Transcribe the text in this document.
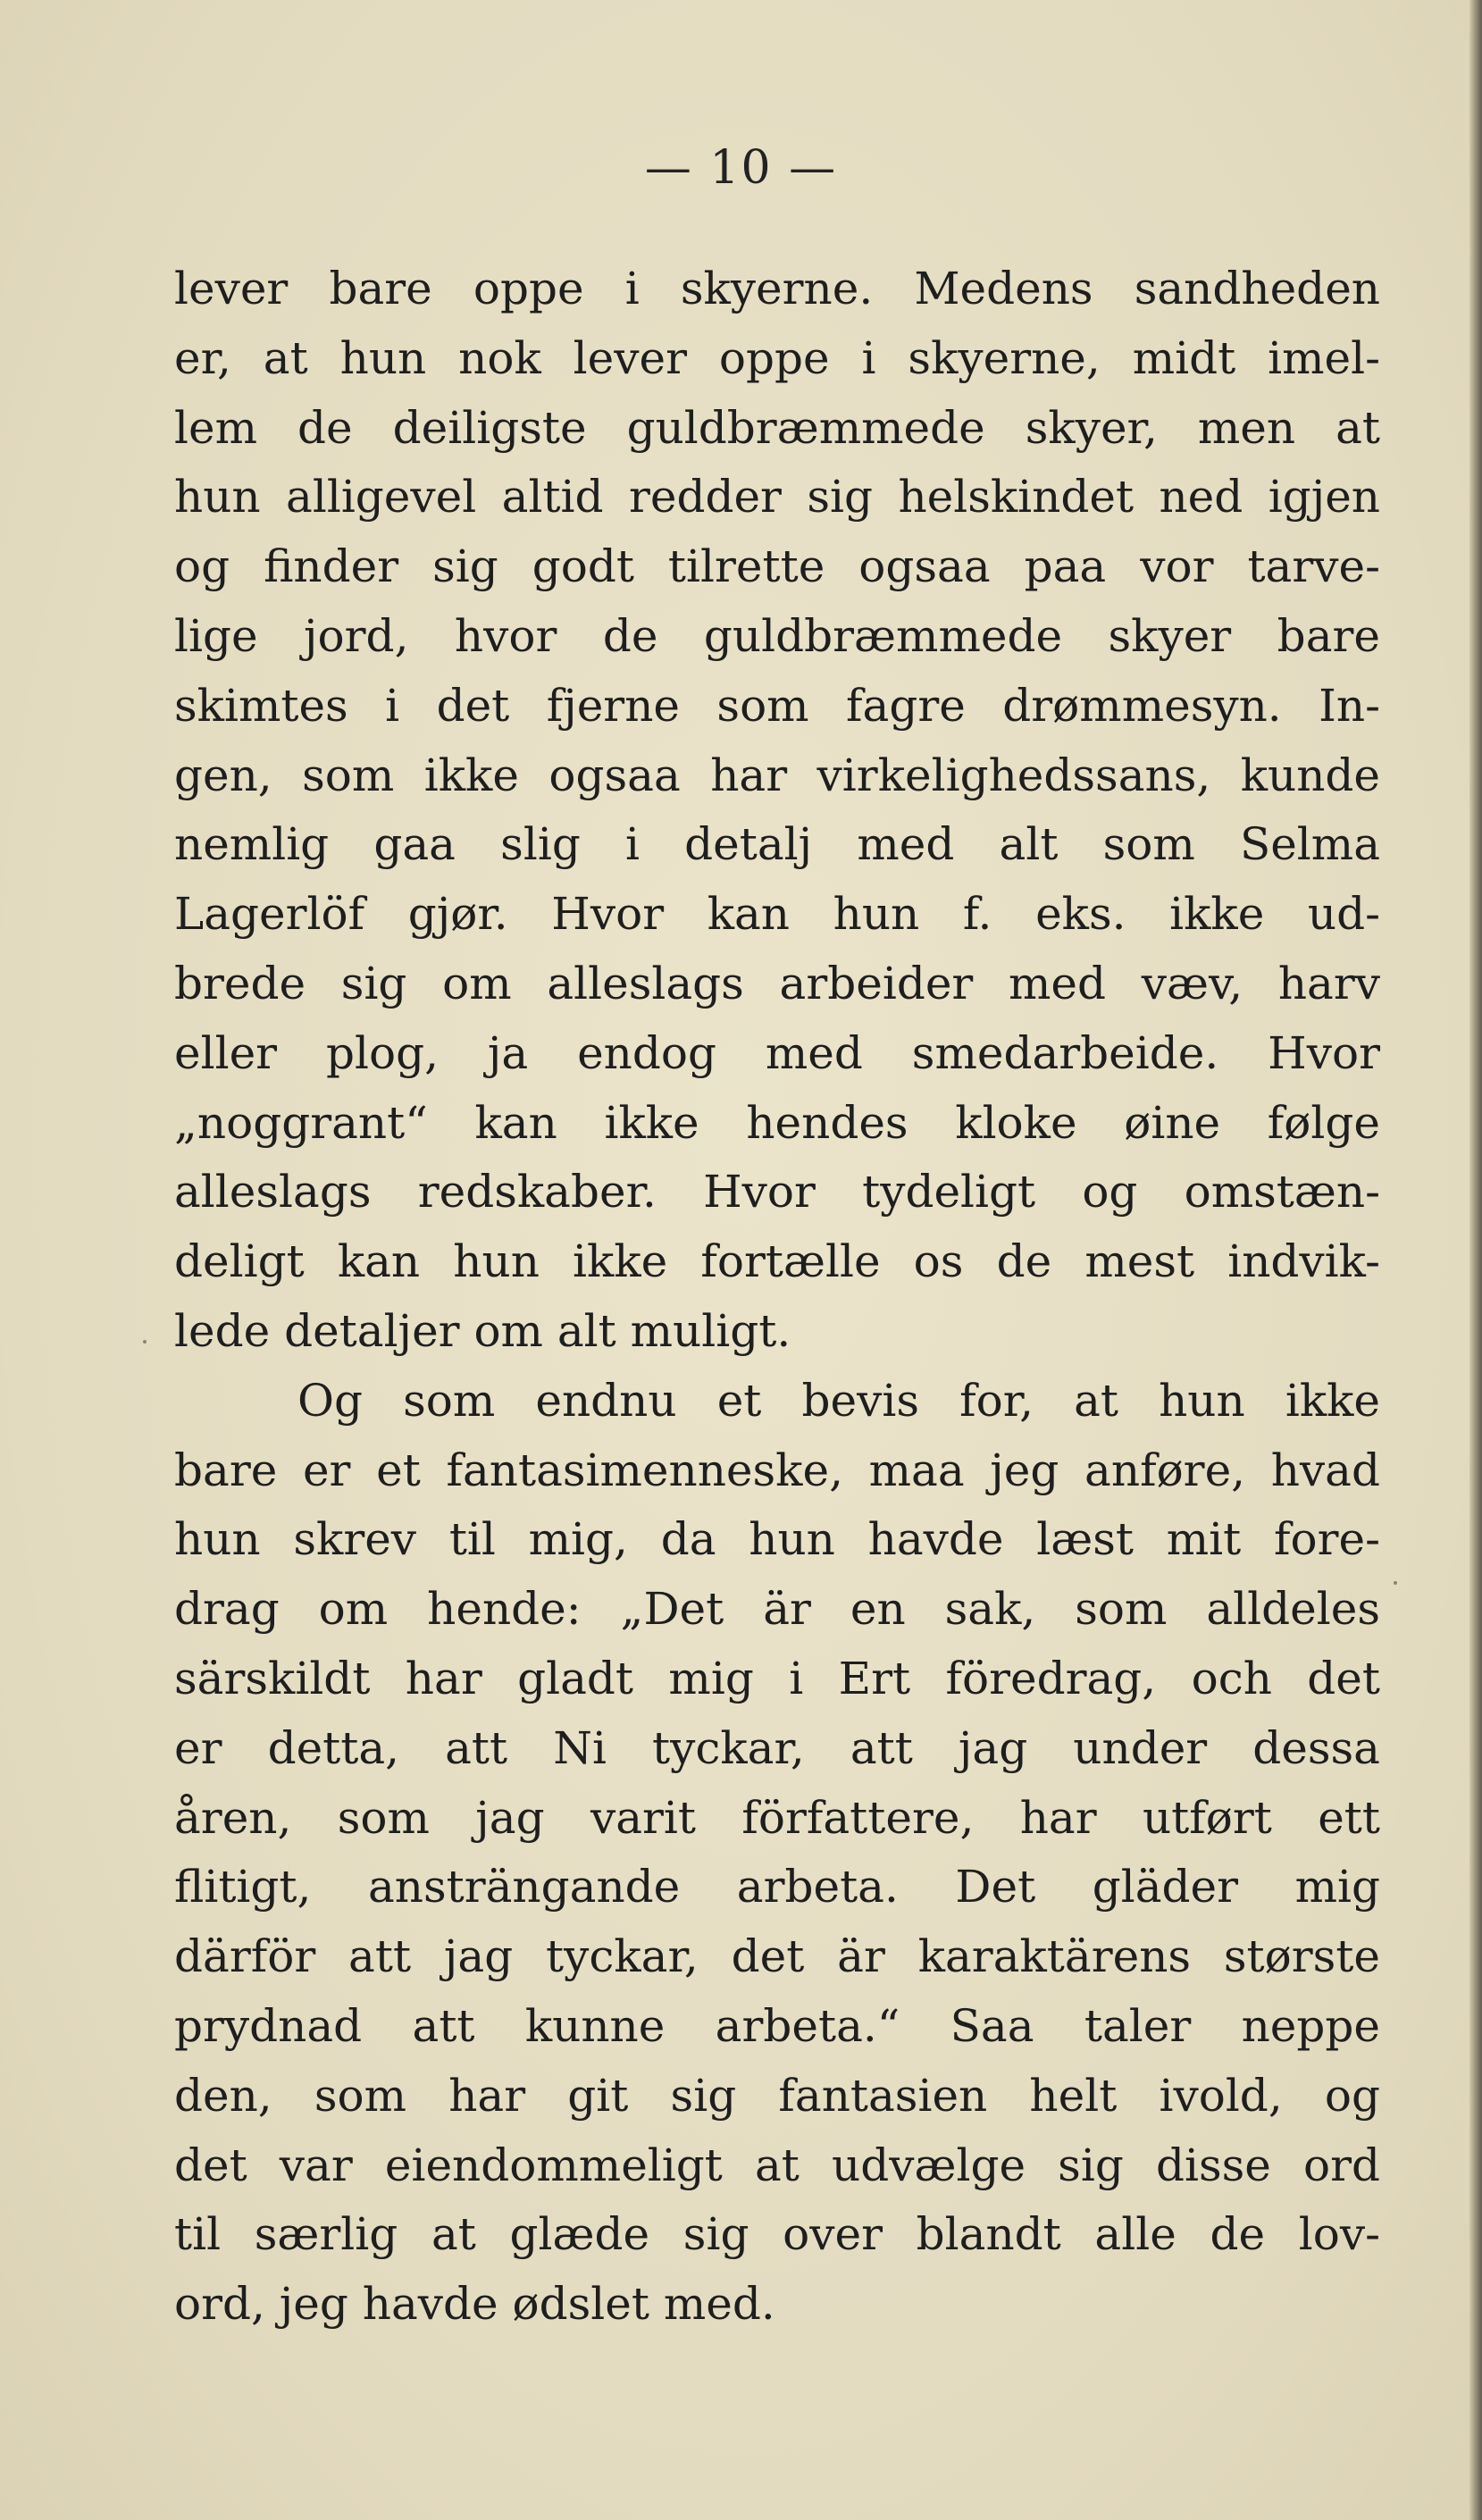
— 10 —
lever bare oppe i skyerne. Medens sandheden
er, at hun nok lever oppe i skyerne, midt imel-
lem de deiligste guldbræmmede skyer, men at
hun alligevel altid redder sig helskindet ned igjen
og finder sig godt tilrette ogsaa paa vor tarve-
lige jord, hvor de guldbræmmede skyer bare
skimtes i det fjerne som fagre drømmesyn. In-
gen, som ikke ogsaa har virkelighedssans, kunde
nemlig gaa slig i detalj med alt som Selma
Lagerlöf gjør. Hvor kan hun f. eks. ikke ud-
brede sig om alleslags arbeider med væv, harv
eller plog, ja endog med smedarbeide. Hvor
„noggrant“ kan ikke hendes kloke øine følge
alleslags redskaber. Hvor tydeligt og omstæn-
deligt kan hun ikke fortælle os de mest indvik-
lede detaljer om alt muligt.
Og som endnu et bevis for, at hun ikke
bare er et fantasimenneske, maa jeg anføre, hvad
hun skrev til mig, da hun havde læst mit fore-
drag om hende: „Det är en sak, som alldeles
särskildt har gladt mig i Ert föredrag, och det
er detta, att Ni tyckar, att jag under dessa
åren, som jag varit författere, har utført ett
flitigt, ansträngande arbeta. Det gläder mig
därför att jag tyckar, det är karaktärens største
prydnad att kunne arbeta.“ Saa taler neppe
den, som har git sig fantasien helt ivold, og
det var eiendommeligt at udvælge sig disse ord
til særlig at glæde sig over blandt alle de lov-
ord, jeg havde ødslet med.
